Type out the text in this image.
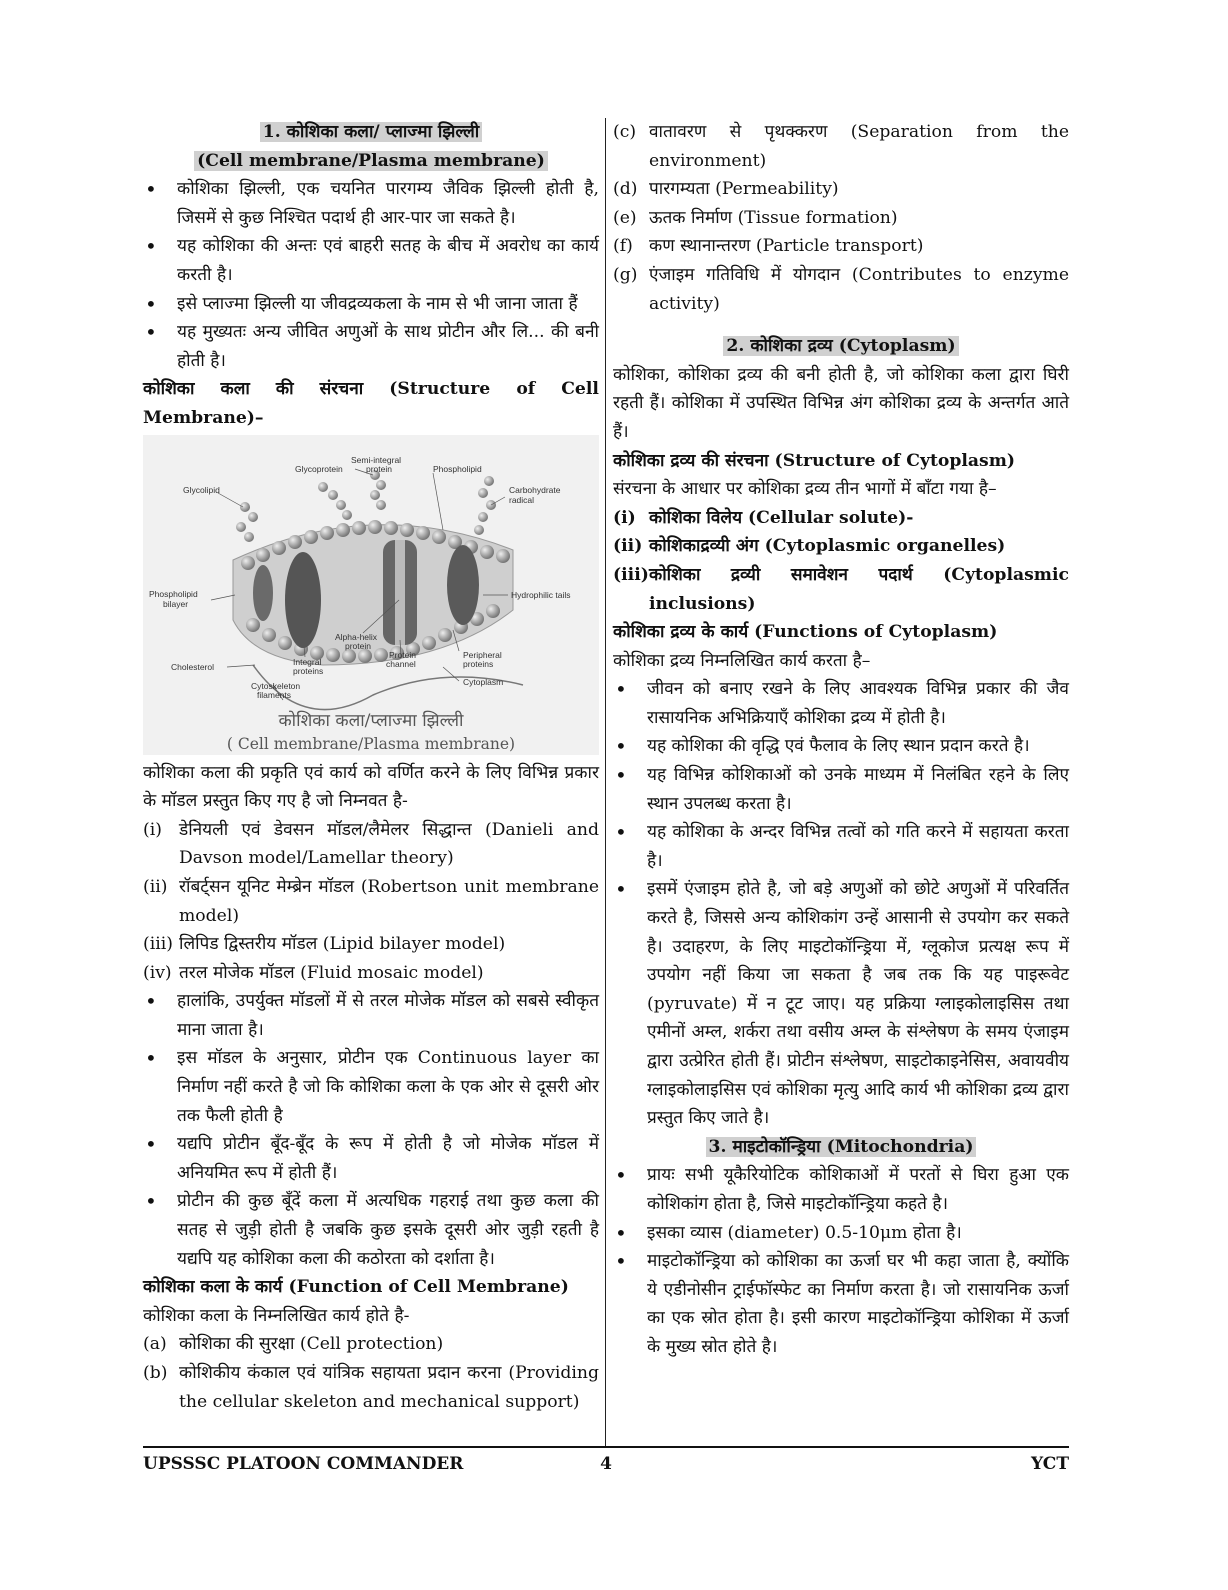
1. कोशिका कला/ प्लाज्मा झिल्ली
(Cell membrane/Plasma membrane)
• कोशिका झिल्ली, एक चयनित पारगम्य जैविक झिल्ली होती है, जिसमें से कुछ निश्चित पदार्थ ही आर-पार जा सकते है।
• यह कोशिका की अन्तः एवं बाहरी सतह के बीच में अवरोध का कार्य करती है।
• इसे प्लाज्मा झिल्ली या जीवद्रव्यकला के नाम से भी जाना जाता हैं
• यह मुख्यतः अन्य जीवित अणुओं के साथ प्रोटीन और लि... की बनी होती है।
कोशिका कला की संरचना (Structure of Cell
Membrane)–
Semi-integral
protein
Glycoprotein	Phospholipid
Glycolipid	Carbohydrate
radical
Phospholipid
bilayer
Hydrophilic tails
Alpha-helix
protein
Cholesterol	Integral
proteins
Protein
channel
Peripheral
proteins
Cytoplasm
Cytoskeleton
filaments
कोशिका कला/प्लाज्मा झिल्ली
( Cell membrane/Plasma membrane)
कोशिका कला की प्रकृति एवं कार्य को वर्णित करने के लिए विभिन्न प्रकार के मॉडल प्रस्तुत किए गए है जो निम्नवत है-
(i) डेनियली एवं डेवसन मॉडल/लैमेलर सिद्धान्त (Danieli and Davson model/Lamellar theory)
(ii) रॉबर्ट्सन यूनिट मेम्ब्रेन मॉडल (Robertson unit membrane model)
(iii) लिपिड द्विस्तरीय मॉडल (Lipid bilayer model)
(iv) तरल मोजेक मॉडल (Fluid mosaic model)
• हालांकि, उपर्युक्त मॉडलों में से तरल मोजेक मॉडल को सबसे स्वीकृत माना जाता है।
• इस मॉडल के अनुसार, प्रोटीन एक Continuous layer का निर्माण नहीं करते है जो कि कोशिका कला के एक ओर से दूसरी ओर तक फैली होती है
• यद्यपि प्रोटीन बूँद-बूँद के रूप में होती है जो मोजेक मॉडल में अनियमित रूप में होती हैं।
• प्रोटीन की कुछ बूँदें कला में अत्यधिक गहराई तथा कुछ कला की सतह से जुड़ी होती है जबकि कुछ इसके दूसरी ओर जुड़ी रहती है यद्यपि यह कोशिका कला की कठोरता को दर्शाता है।
कोशिका कला के कार्य (Function of Cell Membrane)
कोशिका कला के निम्नलिखित कार्य होते है-
(a) कोशिका की सुरक्षा (Cell protection)
(b) कोशिकीय कंकाल एवं यांत्रिक सहायता प्रदान करना (Providing the cellular skeleton and mechanical support)
(c) वातावरण से पृथक्करण (Separation from the environment)
(d) पारगम्यता (Permeability)
(e) ऊतक निर्माण (Tissue formation)
(f) कण स्थानान्तरण (Particle transport)
(g) एंजाइम गतिविधि में योगदान (Contributes to enzyme activity)
2. कोशिका द्रव्य (Cytoplasm)
कोशिका, कोशिका द्रव्य की बनी होती है, जो कोशिका कला द्वारा घिरी रहती हैं। कोशिका में उपस्थित विभिन्न अंग कोशिका द्रव्य के अन्तर्गत आते हैं।
कोशिका द्रव्य की संरचना (Structure of Cytoplasm)
संरचना के आधार पर कोशिका द्रव्य तीन भागों में बाँटा गया है–
(i) कोशिका विलेय (Cellular solute)-
(ii) कोशिकाद्रव्यी अंग (Cytoplasmic organelles)
(iii) कोशिका द्रव्यी समावेशन पदार्थ (Cytoplasmic
inclusions)
कोशिका द्रव्य के कार्य (Functions of Cytoplasm)
कोशिका द्रव्य निम्नलिखित कार्य करता है–
• जीवन को बनाए रखने के लिए आवश्यक विभिन्न प्रकार की जैव रासायनिक अभिक्रियाएँ कोशिका द्रव्य में होती है।
• यह कोशिका की वृद्धि एवं फैलाव के लिए स्थान प्रदान करते है।
• यह विभिन्न कोशिकाओं को उनके माध्यम में निलंबित रहने के लिए स्थान उपलब्ध करता है।
• यह कोशिका के अन्दर विभिन्न तत्वों को गति करने में सहायता करता है।
• इसमें एंजाइम होते है, जो बड़े अणुओं को छोटे अणुओं में परिवर्तित करते है, जिससे अन्य कोशिकांग उन्हें आसानी से उपयोग कर सकते है। उदाहरण, के लिए माइटोकॉन्ड्रिया में, ग्लूकोज प्रत्यक्ष रूप में उपयोग नहीं किया जा सकता है जब तक कि यह पाइरूवेट (pyruvate) में न टूट जाए। यह प्रक्रिया ग्लाइकोलाइसिस तथा एमीनों अम्ल, शर्करा तथा वसीय अम्ल के संश्लेषण के समय एंजाइम द्वारा उत्प्रेरित होती हैं। प्रोटीन संश्लेषण, साइटोकाइनेसिस, अवायवीय ग्लाइकोलाइसिस एवं कोशिका मृत्यु आदि कार्य भी कोशिका द्रव्य द्वारा प्रस्तुत किए जाते है।
3. माइटोकॉन्ड्रिया (Mitochondria)
• प्रायः सभी यूकैरियोटिक कोशिकाओं में परतों से घिरा हुआ एक कोशिकांग होता है, जिसे माइटोकॉन्ड्रिया कहते है।
• इसका व्यास (diameter) 0.5-10μm होता है।
• माइटोकॉन्ड्रिया को कोशिका का ऊर्जा घर भी कहा जाता है, क्योंकि ये एडीनोसीन ट्राईफॉस्फेट का निर्माण करता है। जो रासायनिक ऊर्जा का एक स्रोत होता है। इसी कारण माइटोकॉन्ड्रिया कोशिका में ऊर्जा के मुख्य स्रोत होते है।
UPSSSC PLATOON COMMANDER	4	YCT
